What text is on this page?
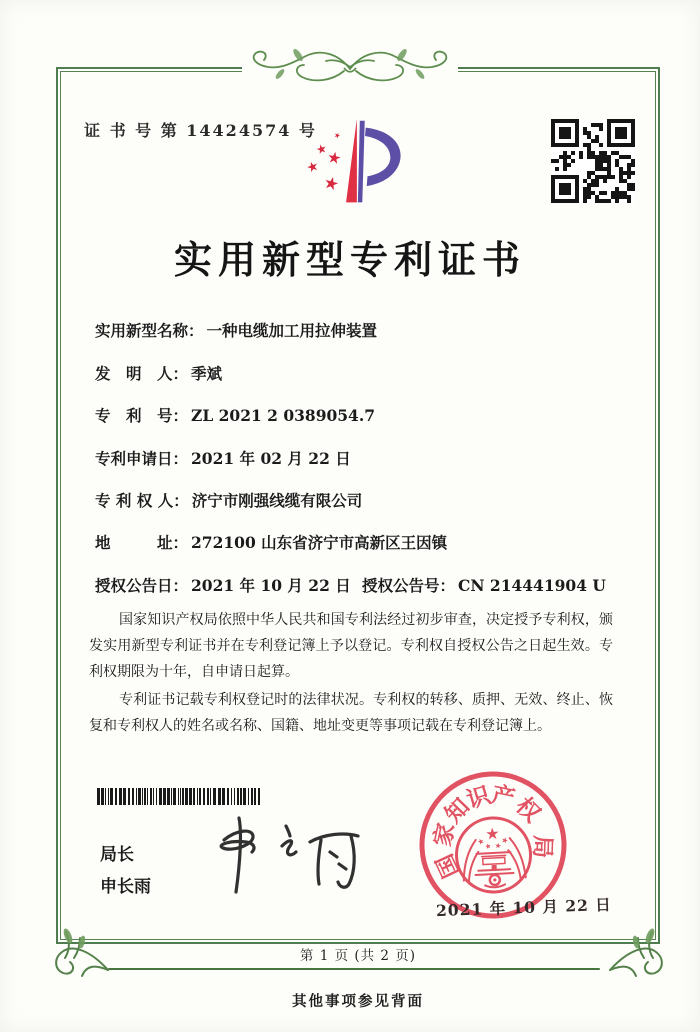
证 书 号 第 14424574 号
实用新型专利证书
实用新型名称： 一种电缆加工用拉伸装置
发　明　人： 季斌
专　利　号： ZL 2021 2 0389054.7
专利申请日： 2021 年 02 月 22 日
专 利 权 人： 济宁市刚强线缆有限公司
地　　　址： 272100 山东省济宁市高新区王因镇
授权公告日： 2021 年 10 月 22 日 授权公告号： CN 214441904 U

国家知识产权局依照中华人民共和国专利法经过初步审查，决定授予专利权，颁发实用新型专利证书并在专利登记簿上予以登记。专利权自授权公告之日起生效。专利权期限为十年，自申请日起算。

专利证书记载专利权登记时的法律状况。专利权的转移、质押、无效、终止、恢复和专利权人的姓名或名称、国籍、地址变更等事项记载在专利登记簿上。

局长
申长雨
国
家
知
识
产
权
局
2021 年 10 月 22 日
第 1 页 (共 2 页)
其他事项参见背面
